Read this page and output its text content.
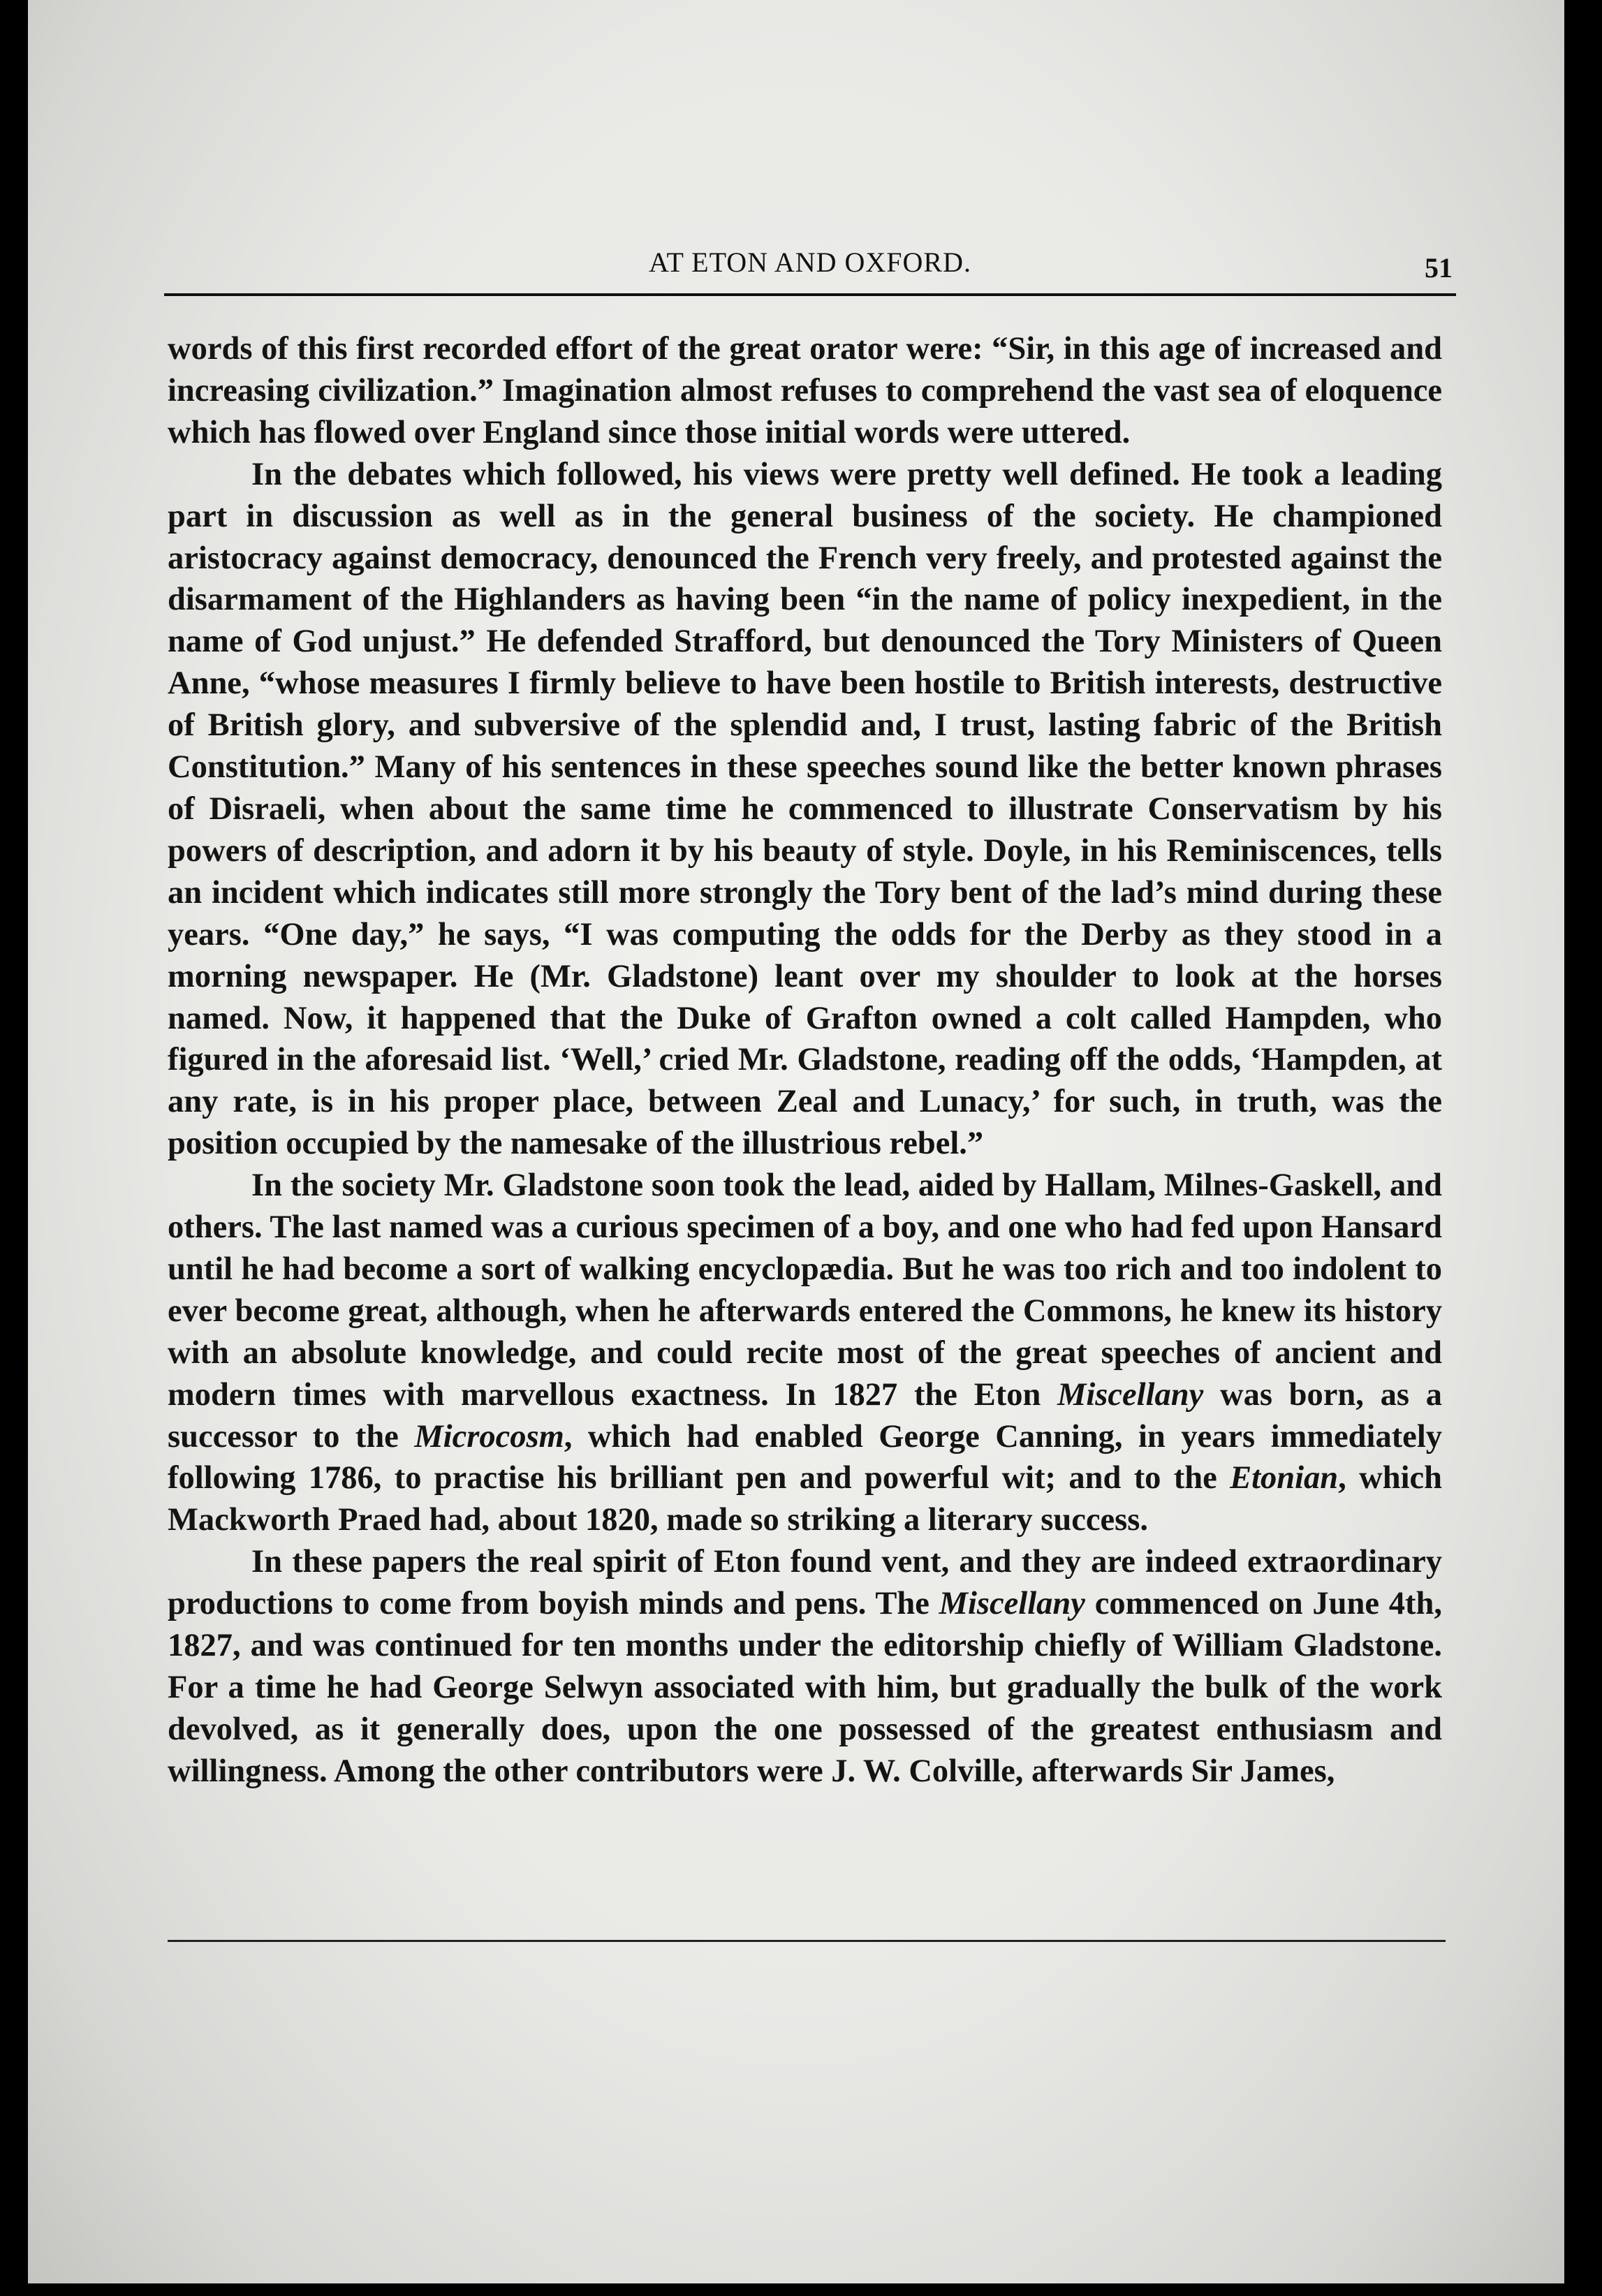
AT ETON AND OXFORD.	51

words of this first recorded effort of the great orator were: “Sir, in this age of increased and increasing civilization.” Imagination almost refuses to comprehend the vast sea of eloquence which has flowed over England since those initial words were uttered.

In the debates which followed, his views were pretty well defined. He took a leading part in discussion as well as in the general business of the society. He championed aristocracy against democracy, denounced the French very freely, and protested against the disarmament of the Highlanders as having been “in the name of policy inexpedient, in the name of God unjust.” He defended Strafford, but denounced the Tory Ministers of Queen Anne, “whose measures I firmly believe to have been hostile to British interests, destructive of British glory, and subversive of the splendid and, I trust, lasting fabric of the British Constitution.” Many of his sentences in these speeches sound like the better known phrases of Disraeli, when about the same time he commenced to illustrate Conservatism by his powers of description, and adorn it by his beauty of style. Doyle, in his Reminiscences, tells an incident which indicates still more strongly the Tory bent of the lad’s mind during these years. “One day,” he says, “I was computing the odds for the Derby as they stood in a morning newspaper. He (Mr. Gladstone) leant over my shoulder to look at the horses named. Now, it happened that the Duke of Grafton owned a colt called Hampden, who figured in the aforesaid list. ‘Well,’ cried Mr. Gladstone, reading off the odds, ‘Hampden, at any rate, is in his proper place, between Zeal and Lunacy,’ for such, in truth, was the position occupied by the namesake of the illustrious rebel.”

In the society Mr. Gladstone soon took the lead, aided by Hallam, Milnes-Gaskell, and others. The last named was a curious specimen of a boy, and one who had fed upon Hansard until he had become a sort of walking encyclopædia. But he was too rich and too indolent to ever become great, although, when he afterwards entered the Commons, he knew its history with an absolute knowledge, and could recite most of the great speeches of ancient and modern times with marvellous exactness. In 1827 the Eton Miscellany was born, as a successor to the Microcosm, which had enabled George Canning, in years immediately following 1786, to practise his brilliant pen and powerful wit; and to the Etonian, which Mackworth Praed had, about 1820, made so striking a literary success.

In these papers the real spirit of Eton found vent, and they are indeed extraordinary productions to come from boyish minds and pens. The Miscellany commenced on June 4th, 1827, and was continued for ten months under the editorship chiefly of William Gladstone. For a time he had George Selwyn associated with him, but gradually the bulk of the work devolved, as it generally does, upon the one possessed of the greatest enthusiasm and willingness. Among the other contributors were J. W. Colville, afterwards Sir James,
